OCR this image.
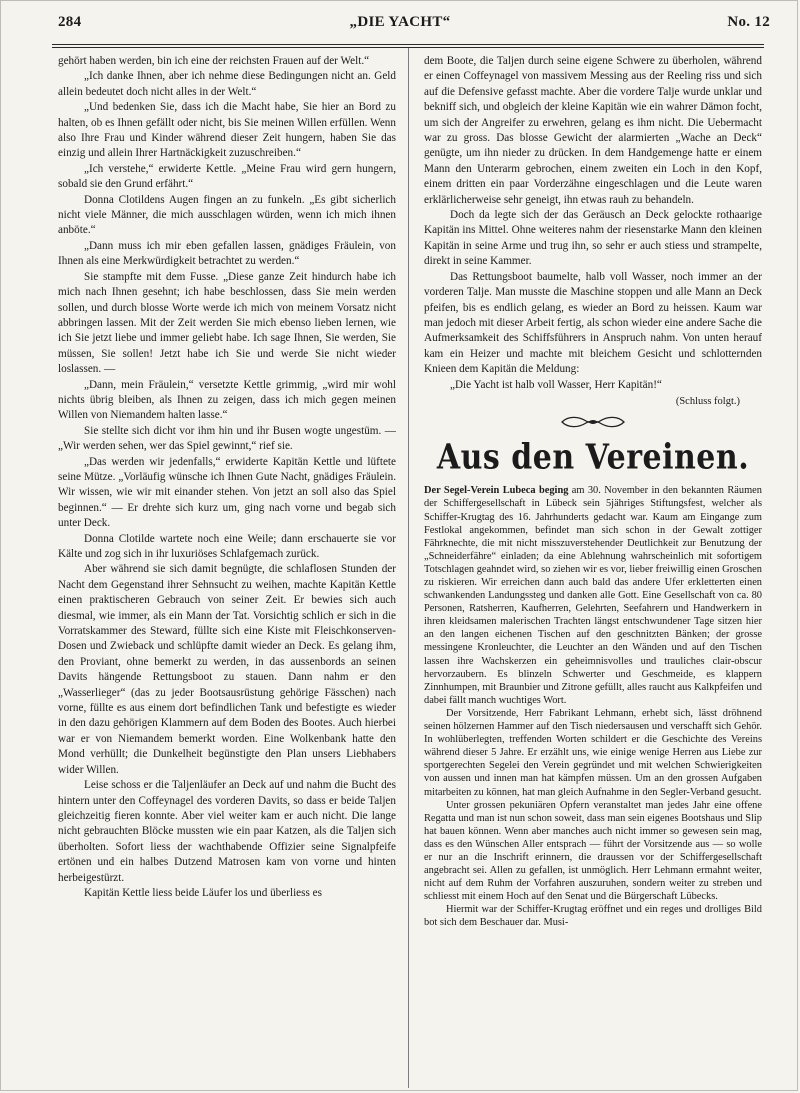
284	„DIE YACHT“	No. 12

gehört haben werden, bin ich eine der reichsten Frauen auf der Welt.“

„Ich danke Ihnen, aber ich nehme diese Bedingungen nicht an. Geld allein bedeutet doch nicht alles in der Welt.“

„Und bedenken Sie, dass ich die Macht habe, Sie hier an Bord zu halten, ob es Ihnen gefällt oder nicht, bis Sie meinen Willen erfüllen. Wenn also Ihre Frau und Kinder während dieser Zeit hungern, haben Sie das einzig und allein Ihrer Hartnäckigkeit zuzuschreiben.“

„Ich verstehe,“ erwiderte Kettle. „Meine Frau wird gern hungern, sobald sie den Grund erfährt.“

Donna Clotildens Augen fingen an zu funkeln. „Es gibt sicherlich nicht viele Männer, die mich ausschlagen würden, wenn ich mich ihnen anböte.“

„Dann muss ich mir eben gefallen lassen, gnädiges Fräulein, von Ihnen als eine Merkwürdigkeit betrachtet zu werden.“

Sie stampfte mit dem Fusse. „Diese ganze Zeit hindurch habe ich mich nach Ihnen gesehnt; ich habe beschlossen, dass Sie mein werden sollen, und durch blosse Worte werde ich mich von meinem Vorsatz nicht abbringen lassen. Mit der Zeit werden Sie mich ebenso lieben lernen, wie ich Sie jetzt liebe und immer geliebt habe. Ich sage Ihnen, Sie werden, Sie müssen, Sie sollen! Jetzt habe ich Sie und werde Sie nicht wieder loslassen. —

„Dann, mein Fräulein,“ versetzte Kettle grimmig, „wird mir wohl nichts übrig bleiben, als Ihnen zu zeigen, dass ich mich gegen meinen Willen von Niemandem halten lasse.“

Sie stellte sich dicht vor ihm hin und ihr Busen wogte ungestüm. — „Wir werden sehen, wer das Spiel gewinnt,“ rief sie.

„Das werden wir jedenfalls,“ erwiderte Kapitän Kettle und lüftete seine Mütze. „Vorläufig wünsche ich Ihnen Gute Nacht, gnädiges Fräulein. Wir wissen, wie wir mit einander stehen. Von jetzt an soll also das Spiel beginnen.“ — Er drehte sich kurz um, ging nach vorne und begab sich unter Deck.

Donna Clotilde wartete noch eine Weile; dann erschauerte sie vor Kälte und zog sich in ihr luxuriöses Schlafgemach zurück.

Aber während sie sich damit begnügte, die schlaflosen Stunden der Nacht dem Gegenstand ihrer Sehnsucht zu weihen, machte Kapitän Kettle einen praktischeren Gebrauch von seiner Zeit. Er bewies sich auch diesmal, wie immer, als ein Mann der Tat. Vorsichtig schlich er sich in die Vorratskammer des Steward, füllte sich eine Kiste mit Fleischkonserven-Dosen und Zwieback und schlüpfte damit wieder an Deck. Es gelang ihm, den Proviant, ohne bemerkt zu werden, in das aussenbords an seinen Davits hängende Rettungsboot zu stauen. Dann nahm er den „Wasserlieger“ (das zu jeder Bootsausrüstung gehörige Fässchen) nach vorne, füllte es aus einem dort befindlichen Tank und befestigte es wieder in den dazu gehörigen Klammern auf dem Boden des Bootes. Auch hierbei war er von Niemandem bemerkt worden. Eine Wolkenbank hatte den Mond verhüllt; die Dunkelheit begünstigte den Plan unsers Liebhabers wider Willen.

Leise schoss er die Taljenläufer an Deck auf und nahm die Bucht des hintern unter den Coffeynagel des vorderen Davits, so dass er beide Taljen gleichzeitig fieren konnte. Aber viel weiter kam er auch nicht. Die lange nicht gebrauchten Blöcke mussten wie ein paar Katzen, als die Taljen sich überholten. Sofort liess der wachthabende Offizier seine Signalpfeife ertönen und ein halbes Dutzend Matrosen kam von vorne und hinten herbeigestürzt.

Kapitän Kettle liess beide Läufer los und überliess es

dem Boote, die Taljen durch seine eigene Schwere zu überholen, während er einen Coffeynagel von massivem Messing aus der Reeling riss und sich auf die Defensive gefasst machte. Aber die vordere Talje wurde unklar und bekniff sich, und obgleich der kleine Kapitän wie ein wahrer Dämon focht, um sich der Angreifer zu erwehren, gelang es ihm nicht. Die Uebermacht war zu gross. Das blosse Gewicht der alarmierten „Wache an Deck“ genügte, um ihn nieder zu drücken. In dem Handgemenge hatte er einem Mann den Unterarm gebrochen, einem zweiten ein Loch in den Kopf, einem dritten ein paar Vorderzähne eingeschlagen und die Leute waren erklärlicherweise sehr geneigt, ihn etwas rauh zu behandeln.

Doch da legte sich der das Geräusch an Deck gelockte rothaarige Kapitän ins Mittel. Ohne weiteres nahm der riesenstarke Mann den kleinen Kapitän in seine Arme und trug ihn, so sehr er auch stiess und strampelte, direkt in seine Kammer.

Das Rettungsboot baumelte, halb voll Wasser, noch immer an der vorderen Talje. Man musste die Maschine stoppen und alle Mann an Deck pfeifen, bis es endlich gelang, es wieder an Bord zu heissen. Kaum war man jedoch mit dieser Arbeit fertig, als schon wieder eine andere Sache die Aufmerksamkeit des Schiffsführers in Anspruch nahm. Von unten herauf kam ein Heizer und machte mit bleichem Gesicht und schlotternden Knieen dem Kapitän die Meldung:

„Die Yacht ist halb voll Wasser, Herr Kapitän!“

(Schluss folgt.)
Aus den Vereinen.

Der Segel-Verein Lubeca beging am 30. November in den bekannten Räumen der Schiffergesellschaft in Lübeck sein 5jähriges Stiftungsfest, welcher als Schiffer-Krugtag des 16. Jahrhunderts gedacht war. Kaum am Eingange zum Festlokal angekommen, befindet man sich schon in der Gewalt zottiger Fährknechte, die mit nicht misszuverstehender Deutlichkeit zur Benutzung der „Schneiderfähre“ einladen; da eine Ablehnung wahrscheinlich mit sofortigem Totschlagen geahndet wird, so ziehen wir es vor, lieber freiwillig einen Groschen zu riskieren. Wir erreichen dann auch bald das andere Ufer erkletterten einen schwankenden Landungssteg und danken alle Gott. Eine Gesellschaft von ca. 80 Personen, Ratsherren, Kaufherren, Gelehrten, Seefahrern und Handwerkern in ihren kleidsamen malerischen Trachten längst entschwundener Tage sitzen hier an den langen eichenen Tischen auf den geschnitzten Bänken; der grosse messingene Kronleuchter, die Leuchter an den Wänden und auf den Tischen lassen ihre Wachskerzen ein geheimnisvolles und trauliches clair-obscur hervorzaubern. Es blinzeln Schwerter und Geschmeide, es klappern Zinnhumpen, mit Braunbier und Zitrone gefüllt, alles raucht aus Kalkpfeifen und dabei fällt manch wuchtiges Wort.

Der Vorsitzende, Herr Fabrikant Lehmann, erhebt sich, lässt dröhnend seinen hölzernen Hammer auf den Tisch niedersausen und verschafft sich Gehör. In wohlüberlegten, treffenden Worten schildert er die Geschichte des Vereins während dieser 5 Jahre. Er erzählt uns, wie einige wenige Herren aus Liebe zur sportgerechten Segelei den Verein gegründet und mit welchen Schwierigkeiten von aussen und innen man hat kämpfen müssen. Um an den grossen Aufgaben mitarbeiten zu können, hat man gleich Aufnahme in den Segler-Verband gesucht.

Unter grossen pekuniären Opfern veranstaltet man jedes Jahr eine offene Regatta und man ist nun schon soweit, dass man sein eigenes Bootshaus und Slip hat bauen können. Wenn aber manches auch nicht immer so gewesen sein mag, dass es den Wünschen Aller entsprach — führt der Vorsitzende aus — so wolle er nur an die Inschrift erinnern, die draussen vor der Schiffergesellschaft angebracht sei. Allen zu gefallen, ist unmöglich. Herr Lehmann ermahnt weiter, nicht auf dem Ruhm der Vorfahren auszuruhen, sondern weiter zu streben und schliesst mit einem Hoch auf den Senat und die Bürgerschaft Lübecks.

Hiermit war der Schiffer-Krugtag eröffnet und ein reges und drolliges Bild bot sich dem Beschauer dar. Musi-
